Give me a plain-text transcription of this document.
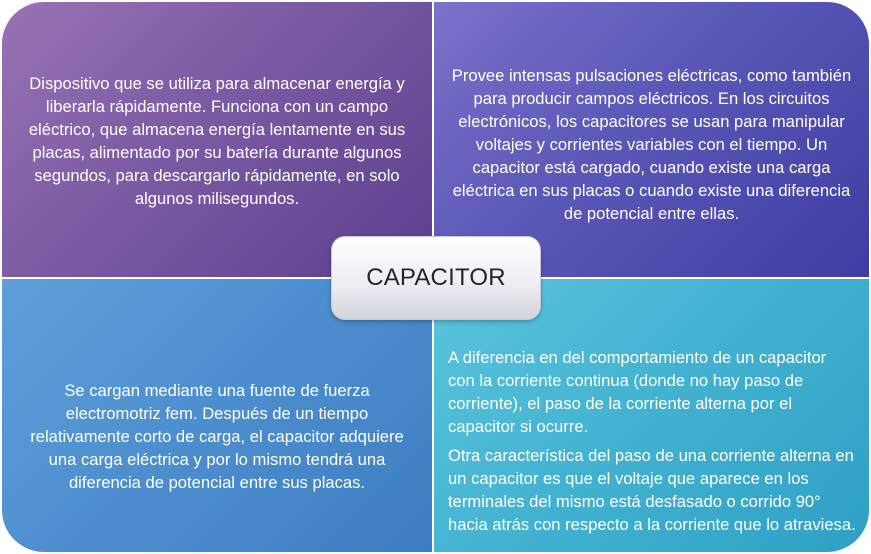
Dispositivo que se utiliza para almacenar energía y liberarla rápidamente. Funciona con un campo eléctrico, que almacena energía lentamente en sus placas, alimentado por su batería durante algunos segundos, para descargarlo rápidamente, en solo algunos milisegundos.
Provee intensas pulsaciones eléctricas, como también para producir campos eléctricos. En los circuitos electrónicos, los capacitores se usan para manipular voltajes y corrientes variables con el tiempo. Un capacitor está cargado, cuando existe una carga eléctrica en sus placas o cuando existe una diferencia de potencial entre ellas.
Se cargan mediante una fuente de fuerza electromotriz fem. Después de un tiempo relativamente corto de carga, el capacitor adquiere una carga eléctrica y por lo mismo tendrá una diferencia de potencial entre sus placas.

A diferencia en del comportamiento de un capacitor con la corriente continua (donde no hay paso de corriente), el paso de la corriente alterna por el capacitor si ocurre.

Otra característica del paso de una corriente alterna en un capacitor es que el voltaje que aparece en los terminales del mismo está desfasado o corrido 90° hacia atrás con respecto a la corriente que lo atraviesa.

CAPACITOR
